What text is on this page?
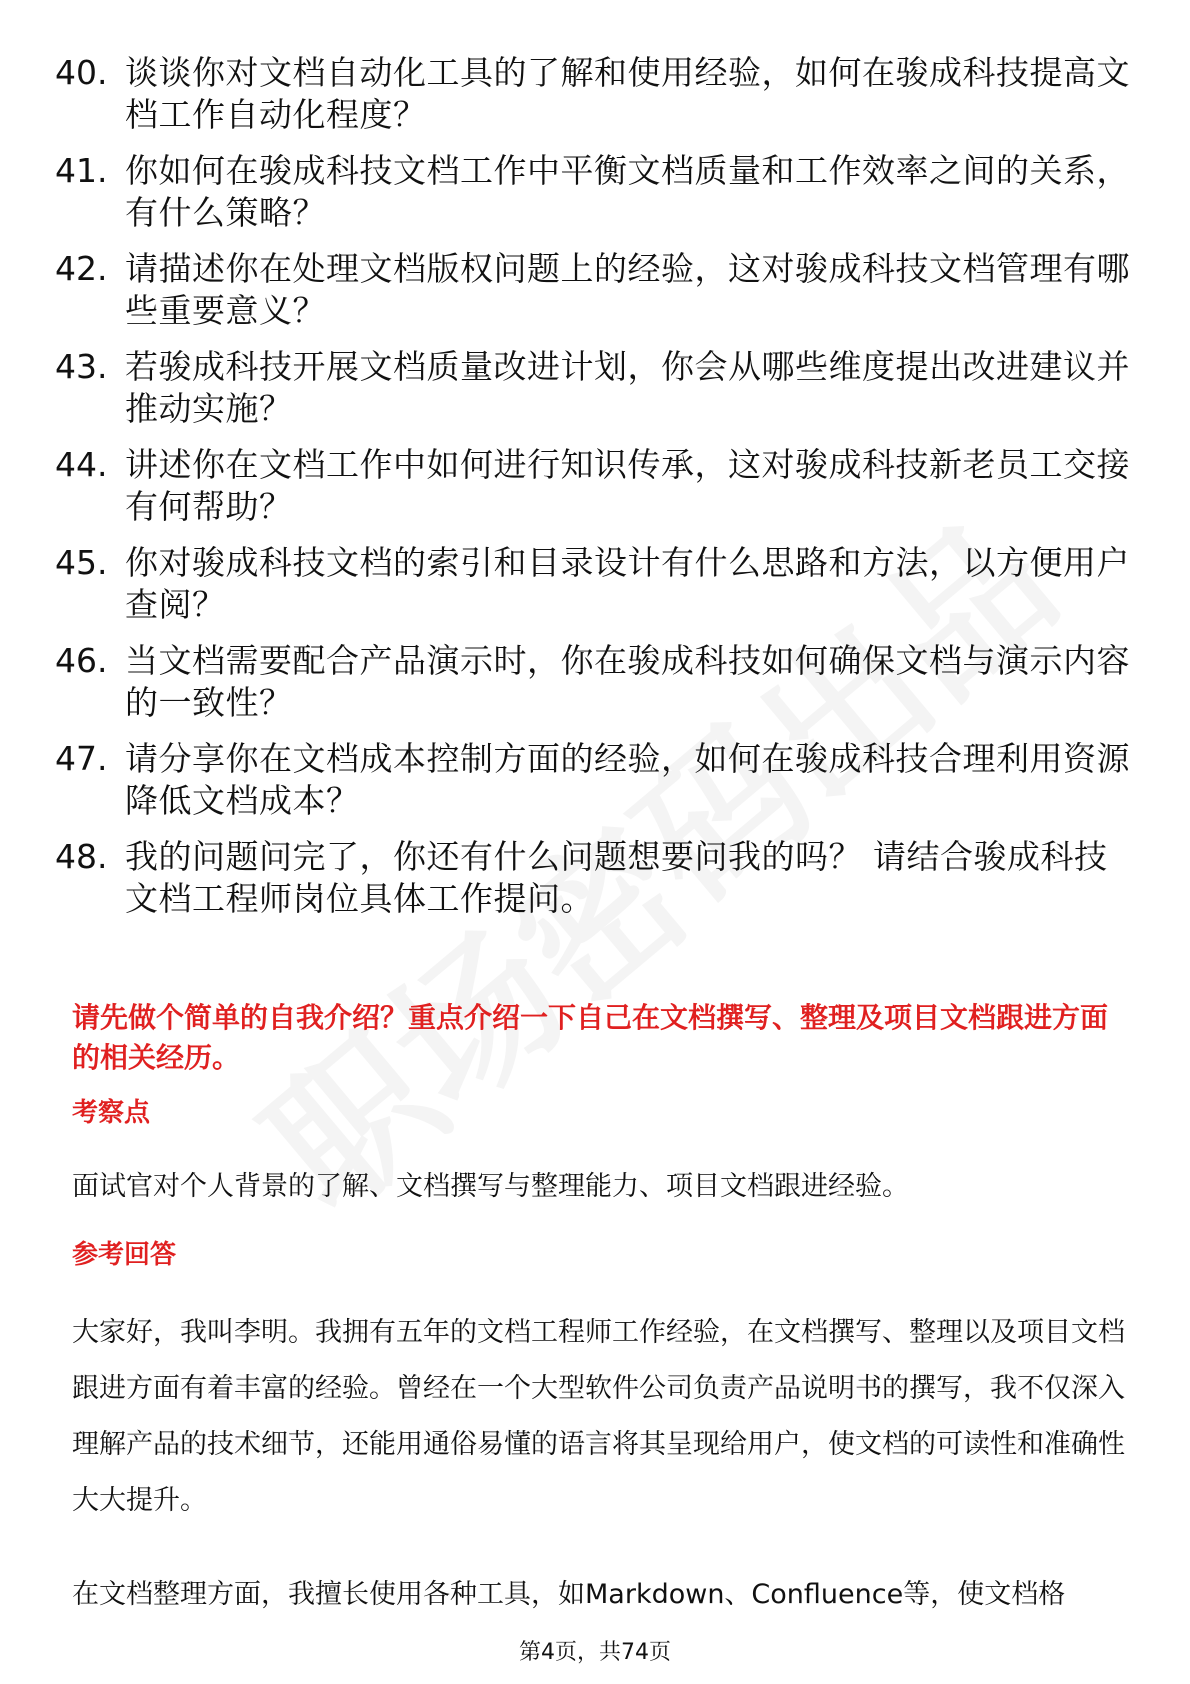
40. 谈谈你对文档自动化工具的了解和使用经验，如何在骏成科技提高文档工作自动化程度？
41. 你如何在骏成科技文档工作中平衡文档质量和工作效率之间的关系，有什么策略？
42. 请描述你在处理文档版权问题上的经验，这对骏成科技文档管理有哪些重要意义？
43. 若骏成科技开展文档质量改进计划，你会从哪些维度提出改进建议并推动实施？
44. 讲述你在文档工作中如何进行知识传承，这对骏成科技新老员工交接有何帮助？
45. 你对骏成科技文档的索引和目录设计有什么思路和方法，以方便用户查阅？
46. 当文档需要配合产品演示时，你在骏成科技如何确保文档与演示内容的一致性？
47. 请分享你在文档成本控制方面的经验，如何在骏成科技合理利用资源降低文档成本？
48. 我的问题问完了，你还有什么问题想要问我的吗？ 请结合骏成科技文档工程师岗位具体工作提问。
请先做个简单的自我介绍？重点介绍一下自己在文档撰写、整理及项目文档跟进方面的相关经历。
考察点
面试官对个人背景的了解、文档撰写与整理能力、项目文档跟进经验。
参考回答

大家好，我叫李明。我拥有五年的文档工程师工作经验，在文档撰写、整理以及项目文档跟进方面有着丰富的经验。曾经在一个大型软件公司负责产品说明书的撰写，我不仅深入理解产品的技术细节，还能用通俗易懂的语言将其呈现给用户，使文档的可读性和准确性大大提升。

在文档整理方面，我擅长使用各种工具，如Markdown、Confluence等，使文档格

第4页，共74页
